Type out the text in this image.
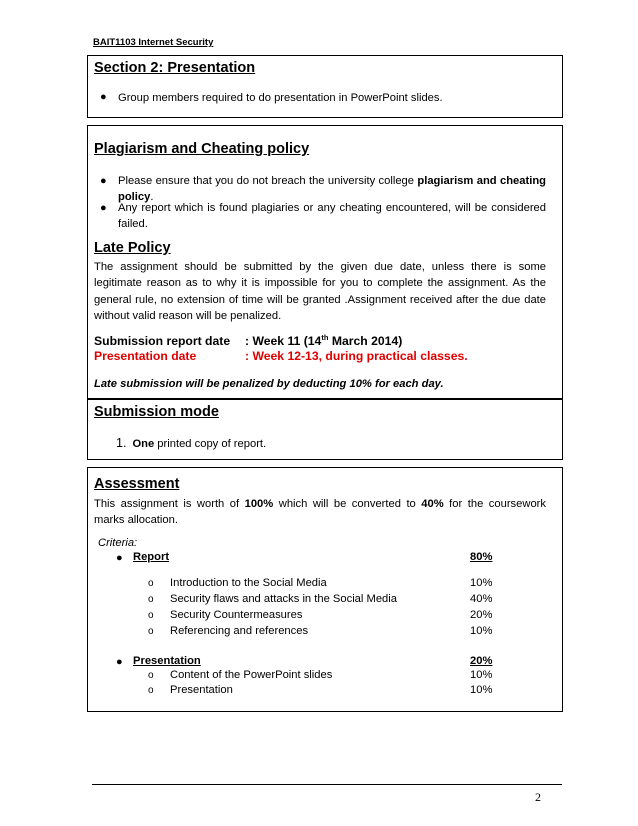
BAIT1103 Internet Security
Section 2: Presentation
● Group members required to do presentation in PowerPoint slides.
Plagiarism and Cheating policy
● Please ensure that you do not breach the university college plagiarism and cheating policy.
● Any report which is found plagiaries or any cheating encountered, will be considered failed.
Late Policy
The assignment should be submitted by the given due date, unless there is some legitimate reason as to why it is impossible for you to complete the assignment. As the general rule, no extension of time will be granted .Assignment received after the due date without valid reason will be penalized.
Submission report date : Week 11 (14th March 2014)
Presentation date	: Week 12-13, during practical classes.
Late submission will be penalized by deducting 10% for each day.
Submission mode
1. One printed copy of report.
Assessment
This assignment is worth of 100% which will be converted to 40% for the coursework marks allocation.
Criteria:
● Report	80%
o Introduction to the Social Media	10%
o Security flaws and attacks in the Social Media	40%
o Security Countermeasures	20%
o Referencing and references	10%
● Presentation	20%
o Content of the PowerPoint slides	10%
o Presentation	10%
2
